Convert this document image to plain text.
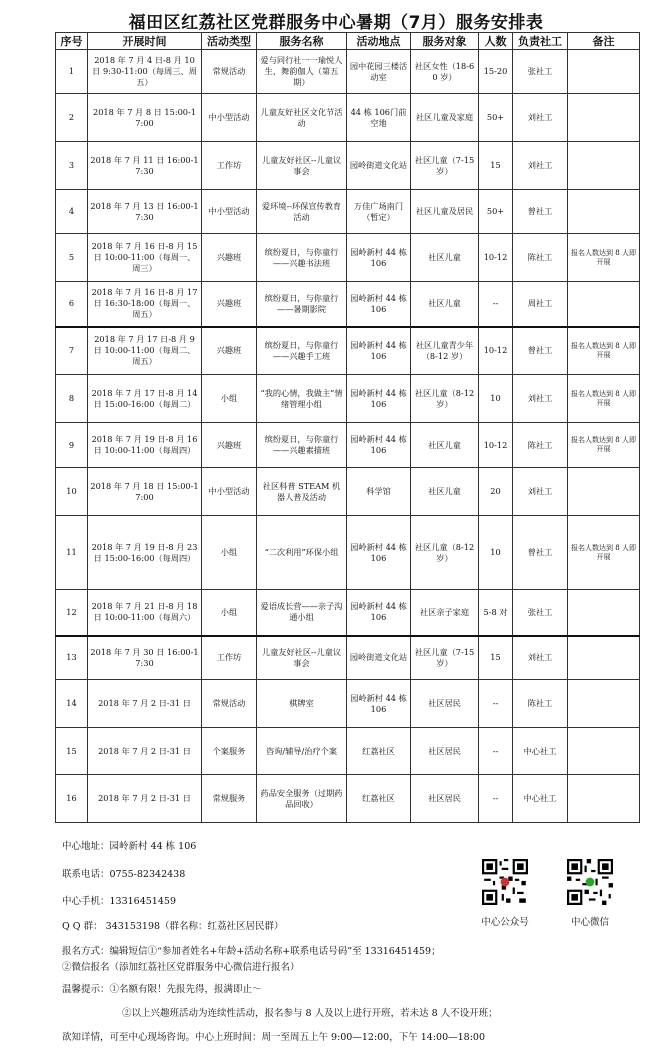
福田区红荔社区党群服务中心暑期（7月）服务安排表
序号	开展时间	活动类型	服务名称	活动地点	服务对象	人数	负责社工	备注
1	2018 年 7 月 4 日-8 月 10 日 9:30-11:00（每周三、周五）	常规活动	爱与同行社一一瑜悦人生，舞韵伽人（第五期）	园中花园三楼活动室	社区女性（18-60 岁）	15-20	张社工	
2	2018 年 7 月 8 日 15:00-17:00	中小型活动	儿童友好社区文化节活动	44 栋 106门前空地	社区儿童及家庭	50+	刘社工	
3	2018 年 7 月 11 日 16:00-17:30	工作坊	儿童友好社区--儿童议事会	园岭街道文化站	社区儿童（7-15 岁）	15	刘社工	
4	2018 年 7 月 13 日 16:00-17:30	中小型活动	爱环境--环保宣传教育活动	万佳广场南门（暂定）	社区儿童及居民	50+	曾社工	
5	2018 年 7 月 16 日-8 月 15 日 10:00-11:00（每周一、周三）	兴趣班	缤纷夏日，与你童行——兴趣书法班	园岭新村 44 栋 106	社区儿童	10-12	陈社工	报名人数达到 8 人即开展
6	2018 年 7 月 16 日-8 月 17 日 16:30-18:00（每周一、周五）	兴趣班	缤纷夏日，与你童行——暑期影院	园岭新村 44 栋 106	社区儿童	--	周社工	
7	2018 年 7 月 17 日-8 月 9 日 10:00-11:00（每周二、周五）	兴趣班	缤纷夏日，与你童行——兴趣手工班	园岭新村 44 栋 106	社区儿童青少年（8-12 岁）	10-12	曾社工	报名人数达到 8 人即开展
8	2018 年 7 月 17 日-8 月 14 日 15:00-16:00（每周二）	小组	“我的心情，我做主”情绪管理小组	园岭新村 44 栋 106	社区儿童（8-12 岁）	10	刘社工	报名人数达到 8 人即开展
9	2018 年 7 月 19 日-8 月 16 日 10:00-11:00（每周四）	兴趣班	缤纷夏日，与你童行——兴趣素描班	园岭新村 44 栋 106	社区儿童	10-12	陈社工	报名人数达到 8 人即开展
10	2018 年 7 月 18 日 15:00-17:00	中小型活动	社区科普 STEAM 机器人普及活动	科学馆	社区儿童	20	刘社工	
11	2018 年 7 月 19 日-8 月 23 日 15:00-16:00（每周四）	小组	“二次利用”环保小组	园岭新村 44 栋 106	社区儿童（8-12 岁）	10	曾社工	报名人数达到 8 人即开展
12	2018 年 7 月 21 日-8 月 18 日 10:00-11:00（每周六）	小组	爱语成长营——亲子沟通小组	园岭新村 44 栋 106	社区亲子家庭	5-8 对	张社工	
13	2018 年 7 月 30 日 16:00-17:30	工作坊	儿童友好社区--儿童议事会	园岭街道文化站	社区儿童（7-15 岁）	15	刘社工	
14	2018 年 7 月 2 日-31 日	常规活动	棋牌室	园岭新村 44 栋 106	社区居民	--	陈社工	
15	2018 年 7 月 2 日-31 日	个案服务	咨询/辅导/治疗个案	红荔社区	社区居民	--	中心社工	
16	2018 年 7 月 2 日-31 日	常规服务	药品安全服务（过期药品回收）	红荔社区	社区居民	--	中心社工	
中心地址：园岭新村 44 栋 106
联系电话：0755-82342438
中心手机：13316451459
Q Q 群： 343153198（群名称：红荔社区居民群）
报名方式：编辑短信①“参加者姓名+年龄+活动名称+联系电话号码”至 13316451459；
②微信报名（添加红荔社区党群服务中心微信进行报名）
温馨提示：①名额有限！先报先得，报满即止～
②以上兴趣班活动为连续性活动，报名参与 8 人及以上进行开班，若未达 8 人不设开班；
欲知详情，可至中心现场咨询。中心上班时间：周一至周五上午 9:00—12:00，下午 14:00—18:00
中心公众号	中心微信
